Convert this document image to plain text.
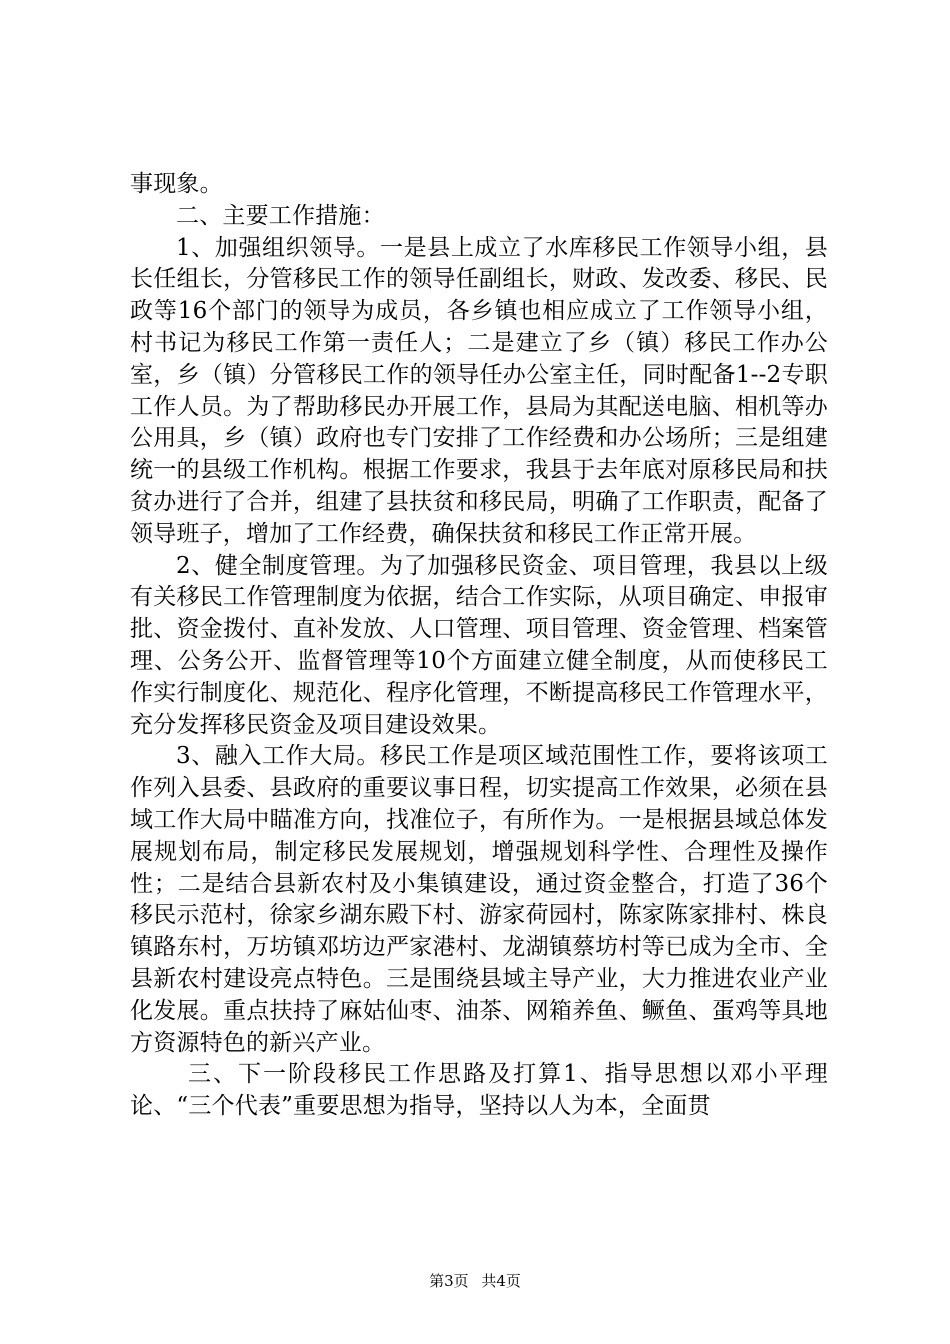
事现象。

二、主要工作措施：

1、加强组织领导。一是县上成立了水库移民工作领导小组，县长任组长，分管移民工作的领导任副组长，财政、发改委、移民、民政等16个部门的领导为成员，各乡镇也相应成立了工作领导小组，村书记为移民工作第一责任人；二是建立了乡（镇）移民工作办公室，乡（镇）分管移民工作的领导任办公室主任，同时配备1--2专职工作人员。为了帮助移民办开展工作，县局为其配送电脑、相机等办公用具，乡（镇）政府也专门安排了工作经费和办公场所；三是组建统一的县级工作机构。根据工作要求，我县于去年底对原移民局和扶贫办进行了合并，组建了县扶贫和移民局，明确了工作职责，配备了领导班子，增加了工作经费，确保扶贫和移民工作正常开展。

2、健全制度管理。为了加强移民资金、项目管理，我县以上级有关移民工作管理制度为依据，结合工作实际，从项目确定、申报审批、资金拨付、直补发放、人口管理、项目管理、资金管理、档案管理、公务公开、监督管理等10个方面建立健全制度，从而使移民工作实行制度化、规范化、程序化管理，不断提高移民工作管理水平，充分发挥移民资金及项目建设效果。

3、融入工作大局。移民工作是项区域范围性工作，要将该项工作列入县委、县政府的重要议事日程，切实提高工作效果，必须在县域工作大局中瞄准方向，找准位子，有所作为。一是根据县域总体发展规划布局，制定移民发展规划，增强规划科学性、合理性及操作性；二是结合县新农村及小集镇建设，通过资金整合，打造了36个移民示范村，徐家乡湖东殿下村、游家荷园村，陈家陈家排村、株良镇路东村，万坊镇邓坊边严家港村、龙湖镇蔡坊村等已成为全市、全县新农村建设亮点特色。三是围绕县域主导产业，大力推进农业产业化发展。重点扶持了麻姑仙枣、油茶、网箱养鱼、鳜鱼、蛋鸡等具地方资源特色的新兴产业。

三、下一阶段移民工作思路及打算1、指导思想以邓小平理论、“三个代表”重要思想为指导，坚持以人为本，全面贯

第3页 共4页
